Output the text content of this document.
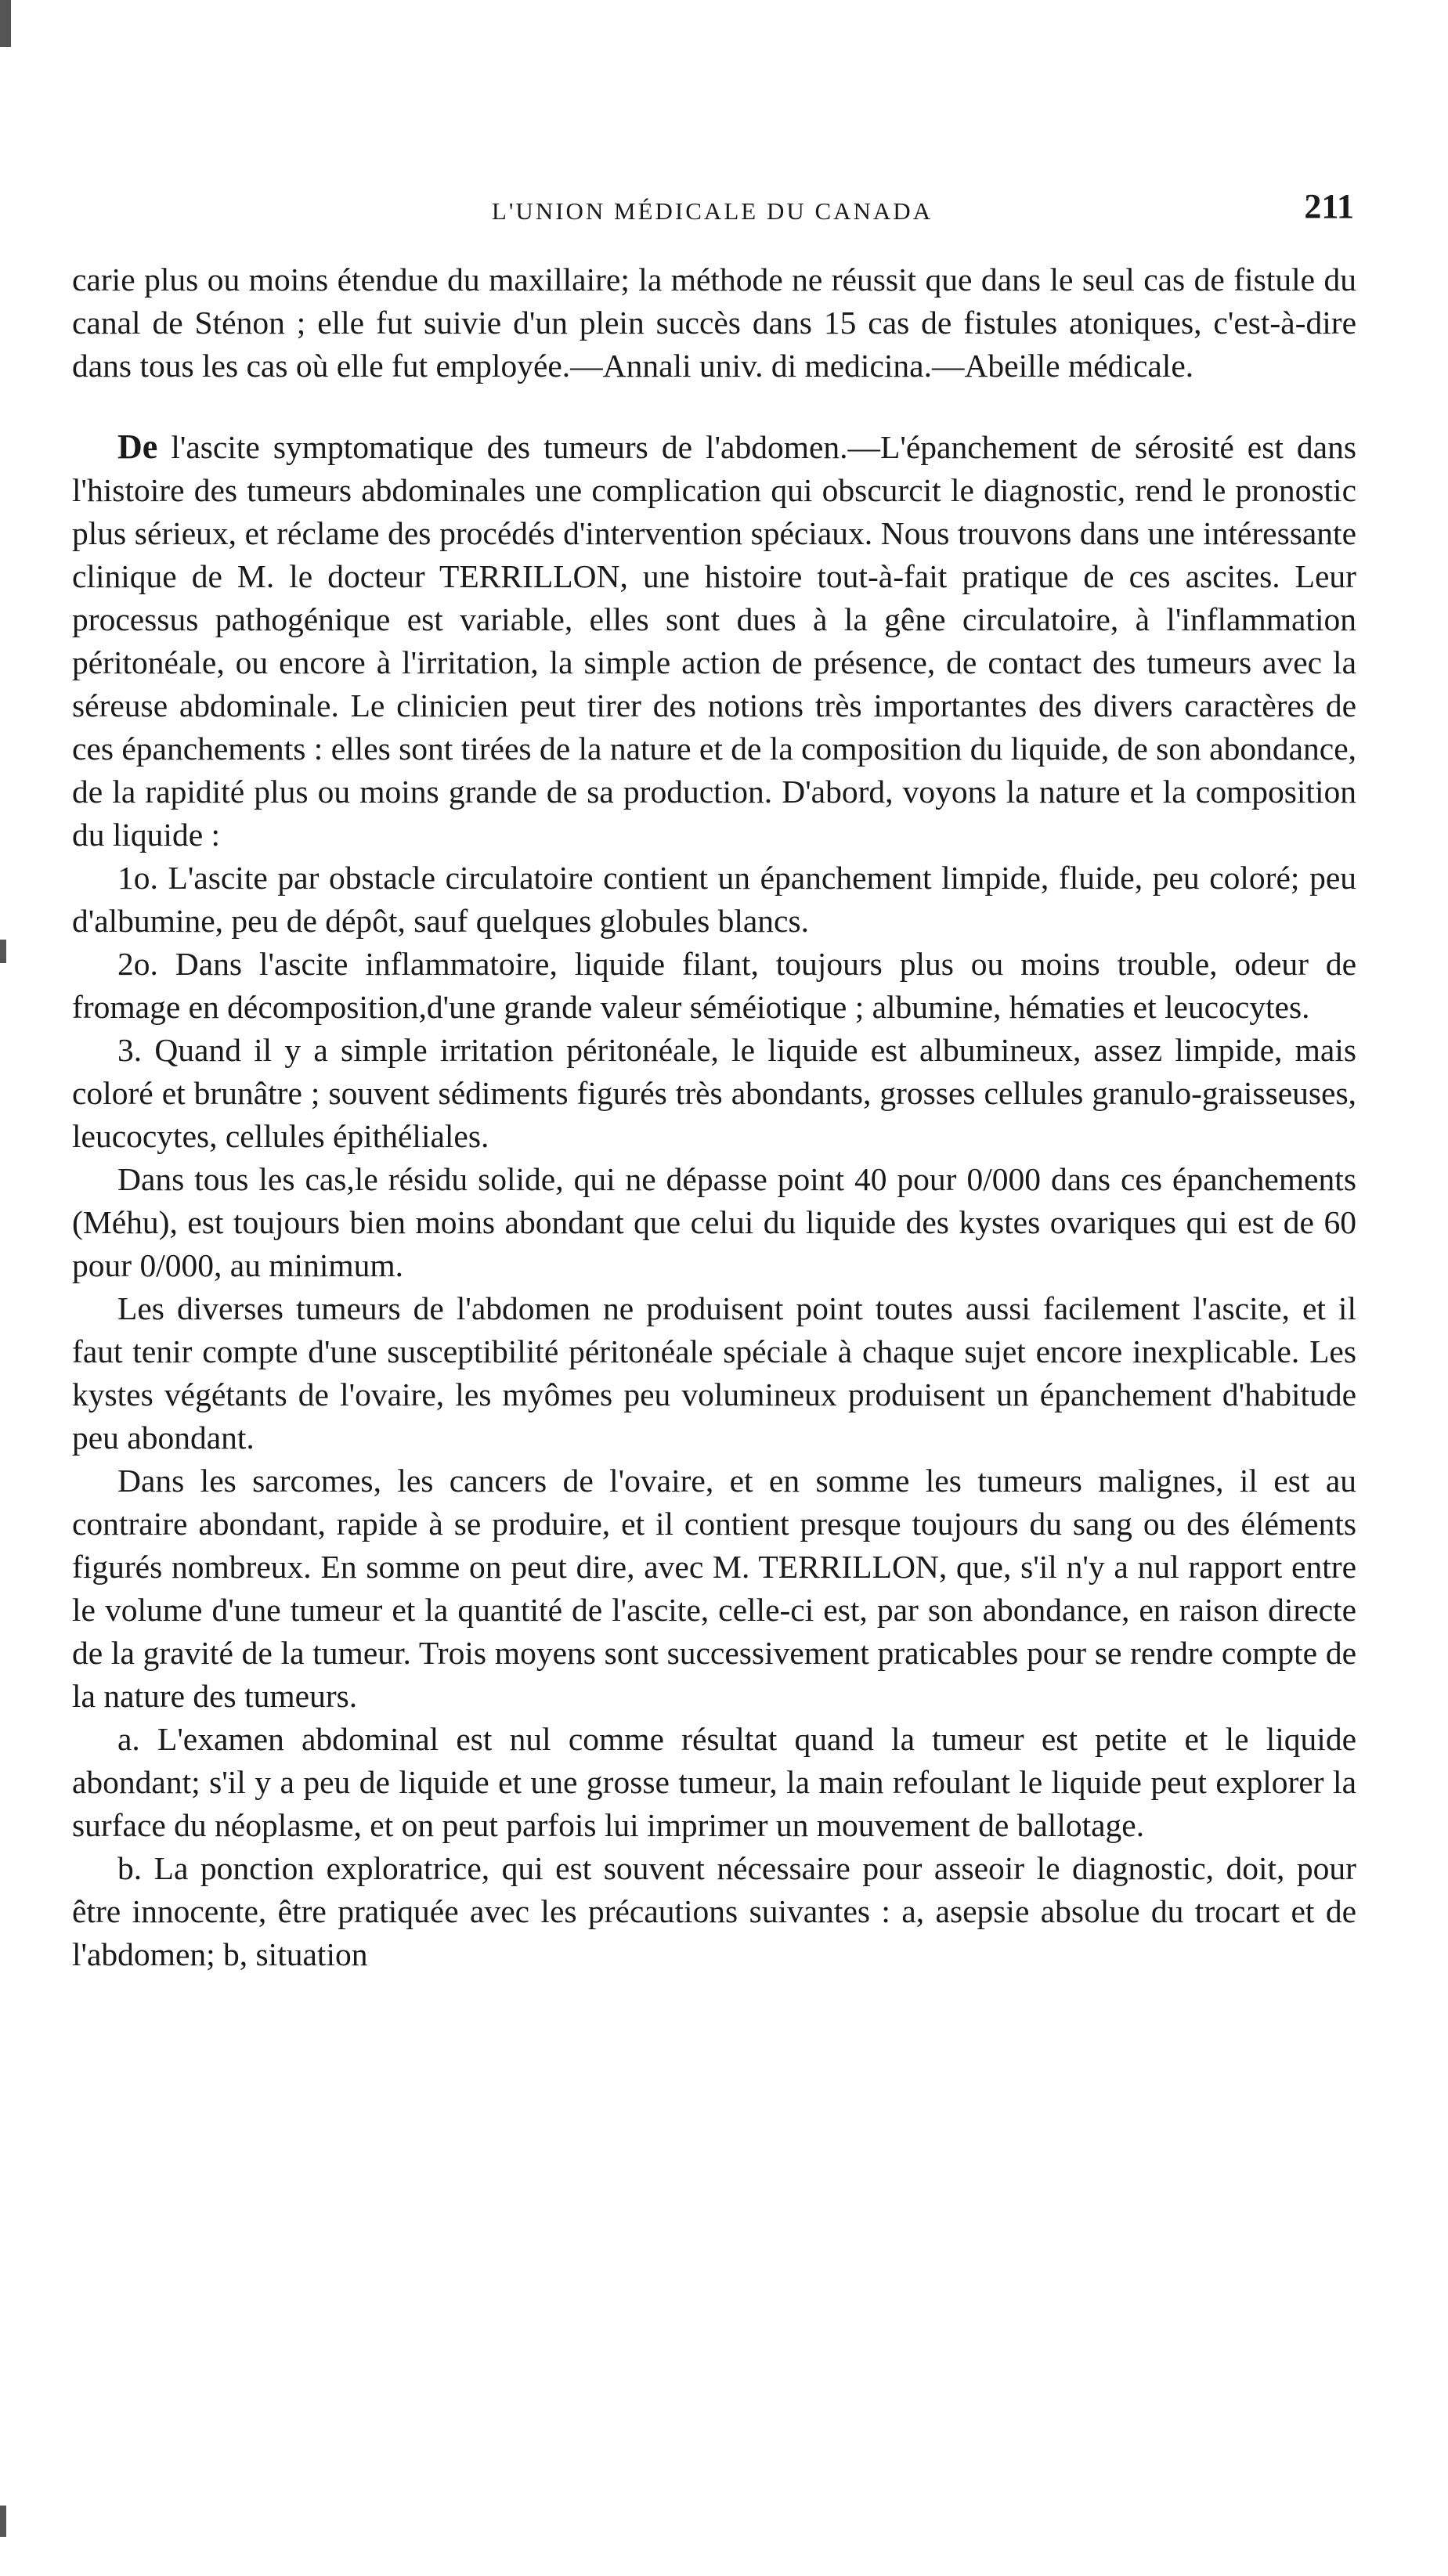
L'UNION MÉDICALE DU CANADA	211

carie plus ou moins étendue du maxillaire; la méthode ne réussit que dans le seul cas de fistule du canal de Sténon ; elle fut suivie d'un plein succès dans 15 cas de fistules atoniques, c'est-à-dire dans tous les cas où elle fut employée.—Annali univ. di medicina.—Abeille médicale.

De l'ascite symptomatique des tumeurs de l'abdomen.—L'épanchement de sérosité est dans l'histoire des tumeurs abdominales une complication qui obscurcit le diagnostic, rend le pronostic plus sérieux, et réclame des procédés d'intervention spéciaux. Nous trouvons dans une intéressante clinique de M. le docteur TERRILLON, une histoire tout-à-fait pratique de ces ascites. Leur processus pathogénique est variable, elles sont dues à la gêne circulatoire, à l'inflammation péritonéale, ou encore à l'irritation, la simple action de présence, de contact des tumeurs avec la séreuse abdominale. Le clinicien peut tirer des notions très importantes des divers caractères de ces épanchements : elles sont tirées de la nature et de la composition du liquide, de son abondance, de la rapidité plus ou moins grande de sa production. D'abord, voyons la nature et la composition du liquide :

1o. L'ascite par obstacle circulatoire contient un épanchement limpide, fluide, peu coloré; peu d'albumine, peu de dépôt, sauf quelques globules blancs.

2o. Dans l'ascite inflammatoire, liquide filant, toujours plus ou moins trouble, odeur de fromage en décomposition,d'une grande valeur séméiotique ; albumine, hématies et leucocytes.

3. Quand il y a simple irritation péritonéale, le liquide est albumineux, assez limpide, mais coloré et brunâtre ; souvent sédiments figurés très abondants, grosses cellules granulo-graisseuses, leucocytes, cellules épithéliales.

Dans tous les cas,le résidu solide, qui ne dépasse point 40 pour 0/000 dans ces épanchements (Méhu), est toujours bien moins abondant que celui du liquide des kystes ovariques qui est de 60 pour 0/000, au minimum.

Les diverses tumeurs de l'abdomen ne produisent point toutes aussi facilement l'ascite, et il faut tenir compte d'une susceptibilité péritonéale spéciale à chaque sujet encore inexplicable. Les kystes végétants de l'ovaire, les myômes peu volumineux produisent un épanchement d'habitude peu abondant.

Dans les sarcomes, les cancers de l'ovaire, et en somme les tumeurs malignes, il est au contraire abondant, rapide à se produire, et il contient presque toujours du sang ou des éléments figurés nombreux. En somme on peut dire, avec M. TERRILLON, que, s'il n'y a nul rapport entre le volume d'une tumeur et la quantité de l'ascite, celle-ci est, par son abondance, en raison directe de la gravité de la tumeur. Trois moyens sont successivement praticables pour se rendre compte de la nature des tumeurs.

a. L'examen abdominal est nul comme résultat quand la tumeur est petite et le liquide abondant; s'il y a peu de liquide et une grosse tumeur, la main refoulant le liquide peut explorer la surface du néoplasme, et on peut parfois lui imprimer un mouvement de ballotage.

b. La ponction exploratrice, qui est souvent nécessaire pour asseoir le diagnostic, doit, pour être innocente, être pratiquée avec les précautions suivantes : a, asepsie absolue du trocart et de l'abdomen; b, situation
